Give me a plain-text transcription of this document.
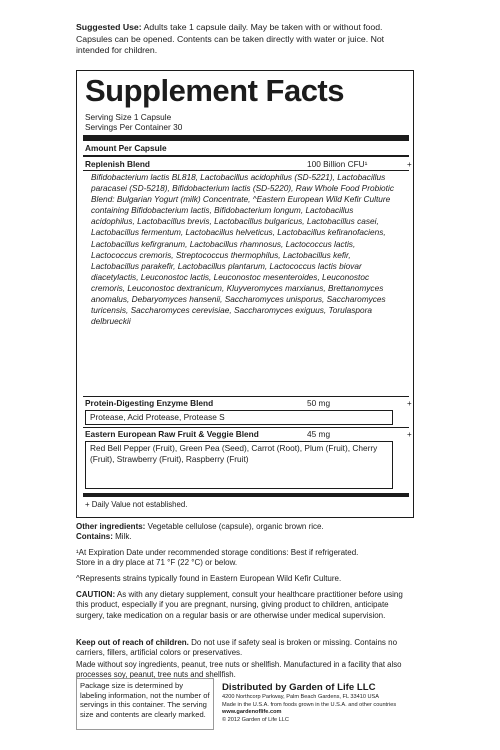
Suggested Use: Adults take 1 capsule daily. May be taken with or without food. Capsules can be opened. Contents can be taken directly with water or juice. Not intended for children.
Supplement Facts
Serving Size 1 Capsule
Servings Per Container 30
Amount Per Capsule
Replenish Blend	100 Billion CFU¹	+
Bifidobacterium lactis BL818, Lactobacillus acidophilus (SD-5221), Lactobacillus paracasei (SD-5218), Bifidobacterium lactis (SD-5220), Raw Whole Food Probiotic Blend: Bulgarian Yogurt (milk) Concentrate, ^Eastern European Wild Kefir Culture containing Bifidobacterium lactis, Bifidobacterium longum, Lactobacillus acidophilus, Lactobacillus brevis, Lactobacillus bulgaricus, Lactobacillus casei, Lactobacillus fermentum, Lactobacillus helveticus, Lactobacillus kefiranofaciens, Lactobacillus kefirgranum, Lactobacillus rhamnosus, Lactococcus lactis, Lactococcus cremoris, Streptococcus thermophilus, Lactobacillus kefir, Lactobacillus parakefir, Lactobacillus plantarum, Lactococcus lactis biovar diacetylactis, Leuconostoc lactis, Leuconostoc mesenteroides, Leuconostoc cremoris, Leuconostoc dextranicum, Kluyveromyces marxianus, Brettanomyces anomalus, Debaryomyces hansenii, Saccharomyces unisporus, Saccharomyces turicensis, Saccharomyces cerevisiae, Saccharomyces exiguus, Torulaspora delbrueckii
Protein-Digesting Enzyme Blend	50 mg	+
Protease, Acid Protease, Protease S
Eastern European Raw Fruit & Veggie Blend	45 mg	+
Red Bell Pepper (Fruit), Green Pea (Seed), Carrot (Root), Plum (Fruit), Cherry (Fruit), Strawberry (Fruit), Raspberry (Fruit)
+ Daily Value not established.
Other ingredients: Vegetable cellulose (capsule), organic brown rice.
Contains: Milk.
¹At Expiration Date under recommended storage conditions: Best if refrigerated. Store in a dry place at 71 °F (22 °C) or below.
^Represents strains typically found in Eastern European Wild Kefir Culture.
CAUTION: As with any dietary supplement, consult your healthcare practitioner before using this product, especially if you are pregnant, nursing, giving product to children, anticipate surgery, take medication on a regular basis or are otherwise under medical supervision.
Keep out of reach of children. Do not use if safety seal is broken or missing. Contains no carriers, fillers, artificial colors or preservatives.
Made without soy ingredients, peanut, tree nuts or shellfish. Manufactured in a facility that also processes soy, peanut, tree nuts and shellfish.
Package size is determined by labeling information, not the number of servings in this container. The serving size and contents are clearly marked.
Distributed by Garden of Life LLC
4200 Northcorp Parkway, Palm Beach Gardens, FL 33410 USA
Made in the U.S.A. from foods grown in the U.S.A. and other countries
www.gardenoflife.com
© 2012 Garden of Life LLC
